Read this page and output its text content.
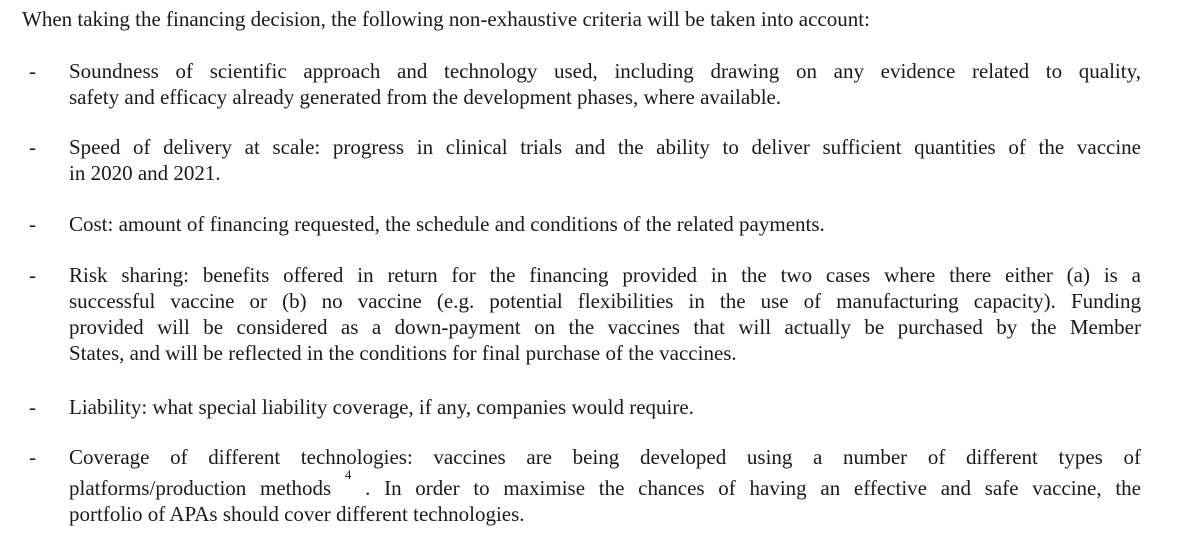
When taking the financing decision, the following non-exhaustive criteria will be taken into account:

- Soundness of scientific approach and technology used, including drawing on any evidence related to quality,
safety and efficacy already generated from the development phases, where available.

- Speed of delivery at scale: progress in clinical trials and the ability to deliver sufficient quantities of the vaccine
in 2020 and 2021.

- Cost: amount of financing requested, the schedule and conditions of the related payments.

- Risk sharing: benefits offered in return for the financing provided in the two cases where there either (a) is a
successful vaccine or (b) no vaccine (e.g. potential flexibilities in the use of manufacturing capacity). Funding
provided will be considered as a down-payment on the vaccines that will actually be purchased by the Member
States, and will be reflected in the conditions for final purchase of the vaccines.

- Liability: what special liability coverage, if any, companies would require.

- Coverage of different technologies: vaccines are being developed using a number of different types of
platforms/production methods $^4$ . In order to maximise the chances of having an effective and safe vaccine, the
portfolio of APAs should cover different technologies.
